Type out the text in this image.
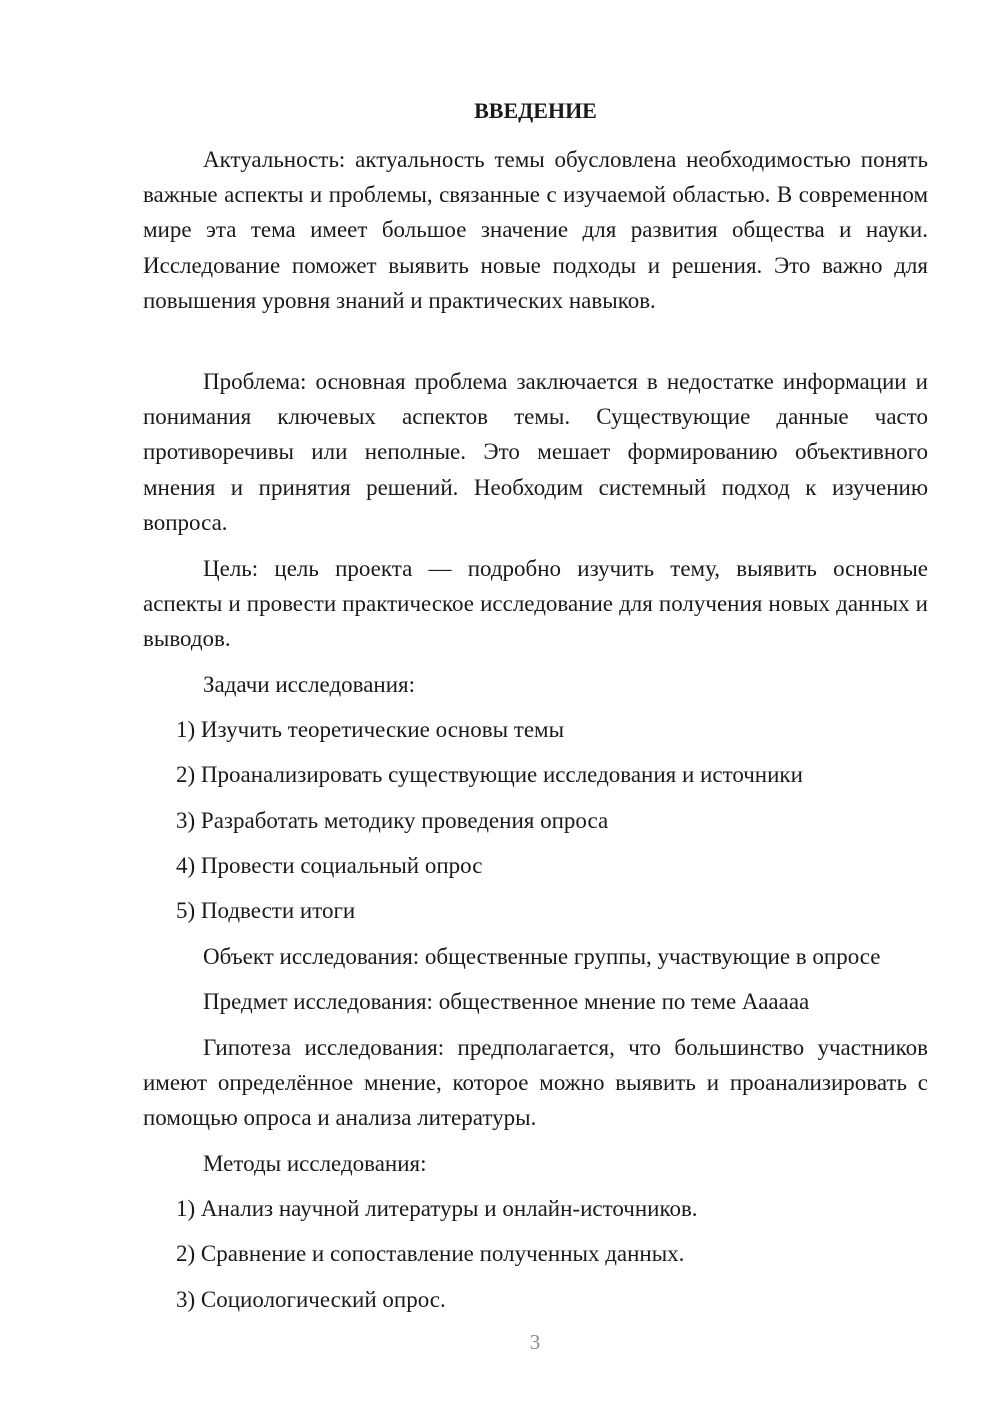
ВВЕДЕНИЕ

Актуальность: актуальность темы обусловлена необходимостью понять важные аспекты и проблемы, связанные с изучаемой областью. В современном мире эта тема имеет большое значение для развития общества и науки. Исследование поможет выявить новые подходы и решения. Это важно для повышения уровня знаний и практических навыков.

Проблема: основная проблема заключается в недостатке информации и понимания ключевых аспектов темы. Существующие данные часто противоречивы или неполные. Это мешает формированию объективного мнения и принятия решений. Необходим системный подход к изучению вопроса.

Цель: цель проекта — подробно изучить тему, выявить основные аспекты и провести практическое исследование для получения новых данных и выводов.

Задачи исследования:

1) Изучить теоретические основы темы

2) Проанализировать существующие исследования и источники

3) Разработать методику проведения опроса

4) Провести социальный опрос

5) Подвести итоги

Объект исследования: общественные группы, участвующие в опросе

Предмет исследования: общественное мнение по теме Аааааа

Гипотеза исследования: предполагается, что большинство участников имеют определённое мнение, которое можно выявить и проанализировать с помощью опроса и анализа литературы.

Методы исследования:

1) Анализ научной литературы и онлайн-источников.

2) Сравнение и сопоставление полученных данных.

3) Социологический опрос.

3
